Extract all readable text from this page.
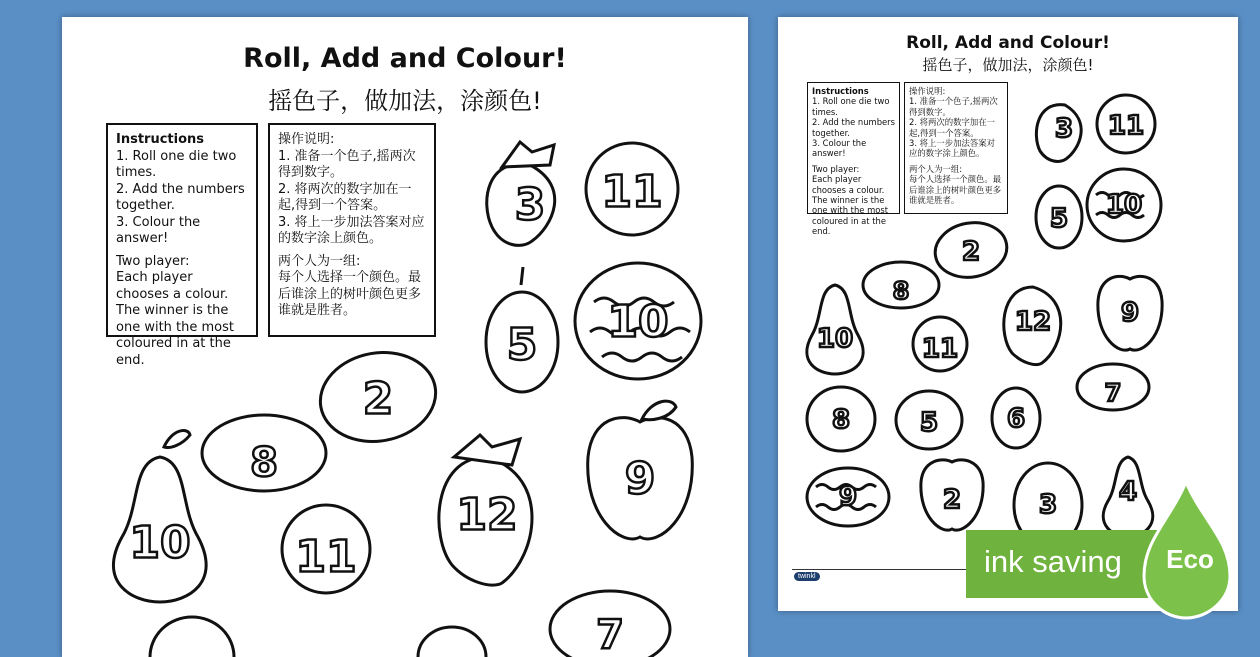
Roll, Add and Colour!
摇色子，做加法，涂颜色!

Instructions

1. Roll one die two times.

2. Add the numbers together.

3. Colour the answer!

Two player:

Each player chooses a colour. The winner is the one with the most coloured in at the end.

操作说明:

1. 准备一个色子,摇两次得到数字。

2. 将两次的数字加在一起,得到一个答案。

3. 将上一步加法答案对应的数字涂上颜色。

两个人为一组:

每个人选择一个颜色。最后谁涂上的树叶颜色更多谁就是胜者。

3 11
5 10
2
8
12
9
10 11
7
Roll, Add and Colour!
摇色子，做加法，涂颜色!

Instructions

1. Roll one die two times.

2. Add the numbers together.

3. Colour the answer!

Two player:

Each player chooses a colour. The winner is the one with the most coloured in at the end.

操作说明:

1. 准备一个色子,摇两次得到数字。

2. 将两次的数字加在一起,得到一个答案。

3. 将上一步加法答案对应的数字涂上颜色。

两个人为一组:

每个人选择一个颜色。最后谁涂上的树叶颜色更多谁就是胜者。

3 11
5 10
2
8
12	9
10	11
7
8	5	6
9	2	3 4
twinkl	ink saving Eco
